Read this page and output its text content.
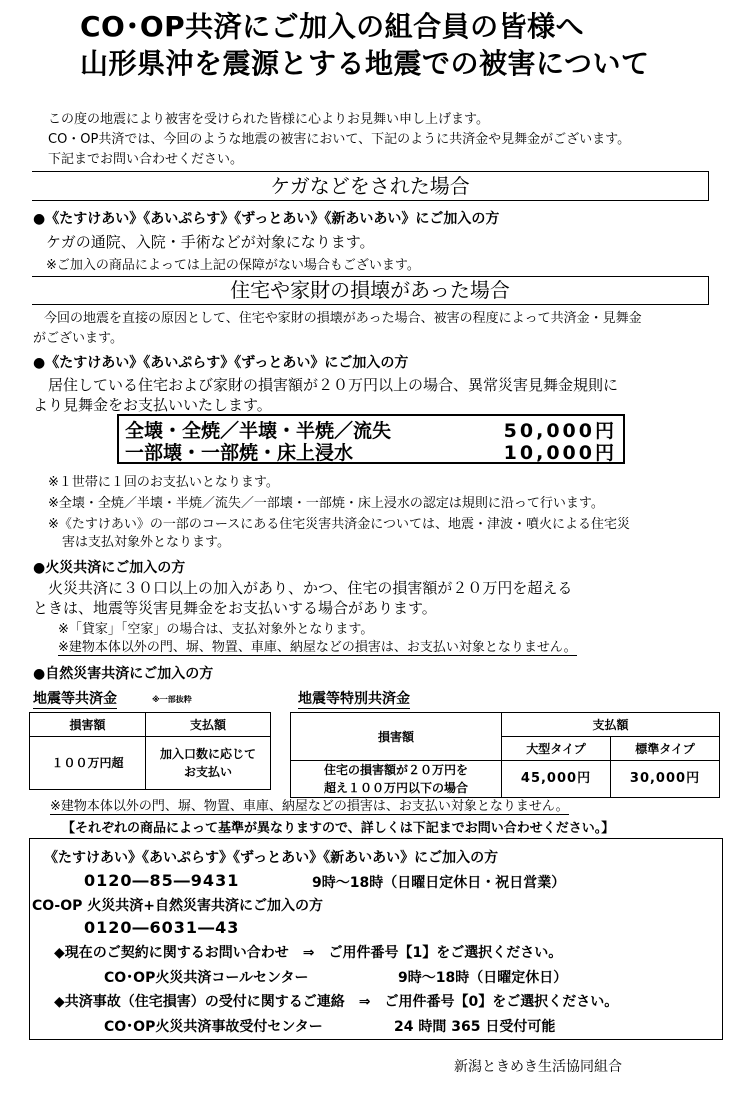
CO･OP共済にご加入の組合員の皆様へ
山形県沖を震源とする地震での被害について
この度の地震により被害を受けられた皆様に心よりお見舞い申し上げます。
CO・OP共済では、今回のような地震の被害において、下記のように共済金や見舞金がございます。
下記までお問い合わせください。
ケガなどをされた場合
●《たすけあい》《あいぷらす》《ずっとあい》《新あいあい》にご加入の方
ケガの通院、入院・手術などが対象になります。
※ご加入の商品によっては上記の保障がない場合もございます。
住宅や家財の損壊があった場合
今回の地震を直接の原因として、住宅や家財の損壊があった場合、被害の程度によって共済金・見舞金
がございます。
●《たすけあい》《あいぷらす》《ずっとあい》にご加入の方
居住している住宅および家財の損害額が２０万円以上の場合、異常災害見舞金規則に
より見舞金をお支払いいたします。
全壊・全焼／半壊・半焼／流失	50,000円
一部壊・一部焼・床上浸水	10,000円
※１世帯に１回のお支払いとなります。
※全壊・全焼／半壊・半焼／流失／一部壊・一部焼・床上浸水の認定は規則に沿って行います。
※《たすけあい》の一部のコースにある住宅災害共済金については、地震・津波・噴火による住宅災
害は支払対象外となります。
●火災共済にご加入の方
火災共済に３０口以上の加入があり、かつ、住宅の損害額が２０万円を超える
ときは、地震等災害見舞金をお支払いする場合があります。
※「貸家」「空家」の場合は、支払対象外となります。
※建物本体以外の門、塀、物置、車庫、納屋などの損害は、お支払い対象となりません。
●自然災害共済にご加入の方
地震等共済金	※一部抜粋
損害額	支払額
１００万円超	加入口数に応じて
お支払い
地震等特別共済金
損害額	支払額	
	大型タイプ	標準タイプ

住宅の損害額が２０万円を
超え１００万円以下の場合	45,000円	30,000円
※建物本体以外の門、塀、物置、車庫、納屋などの損害は、お支払い対象となりません。
【それぞれの商品によって基準が異なりますので、詳しくは下記までお問い合わせください。】
《たすけあい》《あいぷらす》《ずっとあい》《新あいあい》にご加入の方
0120―85―9431	9時～18時（日曜日定休日・祝日営業）
CO-OP 火災共済+自然災害共済にご加入の方
0120―6031―43
◆現在のご契約に関するお問い合わせ　⇒　ご用件番号【1】をご選択ください。
CO･OP火災共済コールセンター	9時～18時（日曜定休日）
◆共済事故（住宅損害）の受付に関するご連絡　⇒　ご用件番号【0】をご選択ください。
CO･OP火災共済事故受付センター	24 時間 365 日受付可能
新潟ときめき生活協同組合
